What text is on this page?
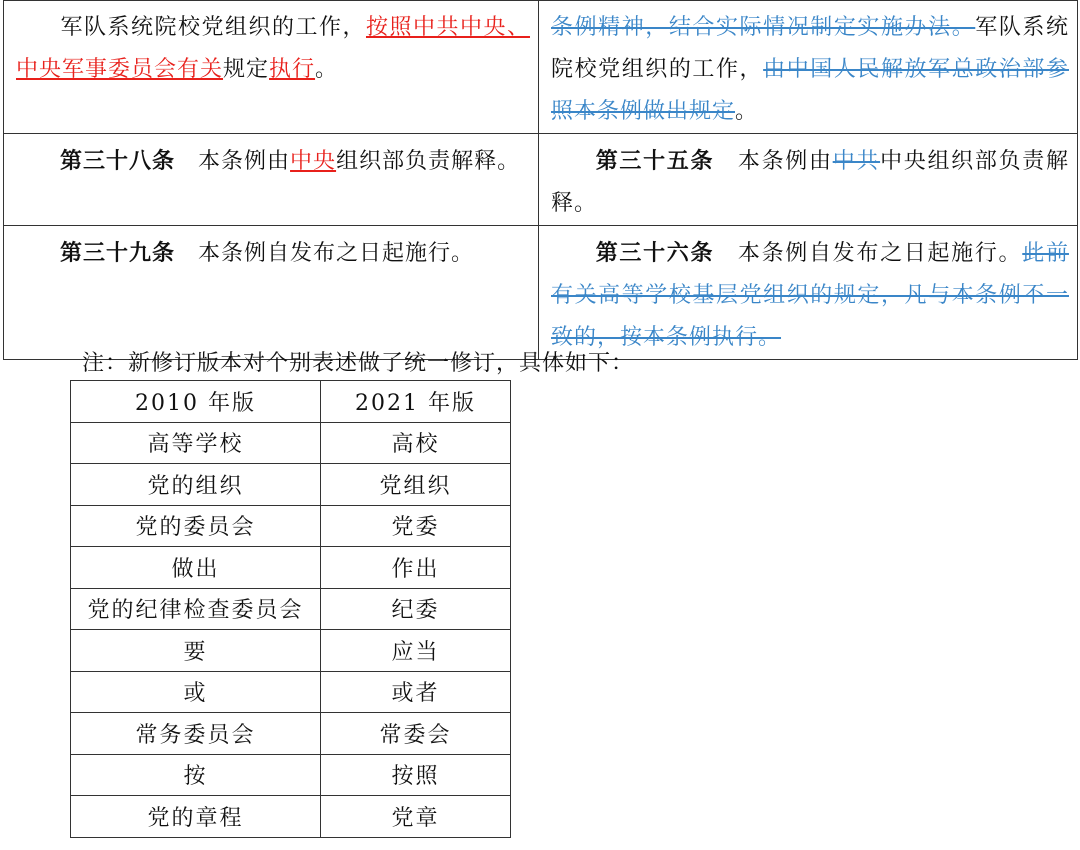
军队系统院校党组织的工作，按照中共中央、中央军事委员会有关规定执行。	条例精神，结合实际情况制定实施办法。军队系统院校党组织的工作，由中国人民解放军总政治部参照本条例做出规定。
第三十八条　 本条例由中央组织部负责解释。	第三十五条　 本条例由中共中央组织部负责解释。
第三十九条　 本条例自发布之日起施行。	第三十六条　 本条例自发布之日起施行。此前有关高等学校基层党组织的规定，凡与本条例不一致的，按本条例执行。
注：新修订版本对个别表述做了统一修订，具体如下：
2010 年版	2021 年版
高等学校	高校
党的组织	党组织
党的委员会	党委
做出	作出
党的纪律检查委员会	纪委
要	应当
或	或者
常务委员会	常委会
按	按照
党的章程	党章
